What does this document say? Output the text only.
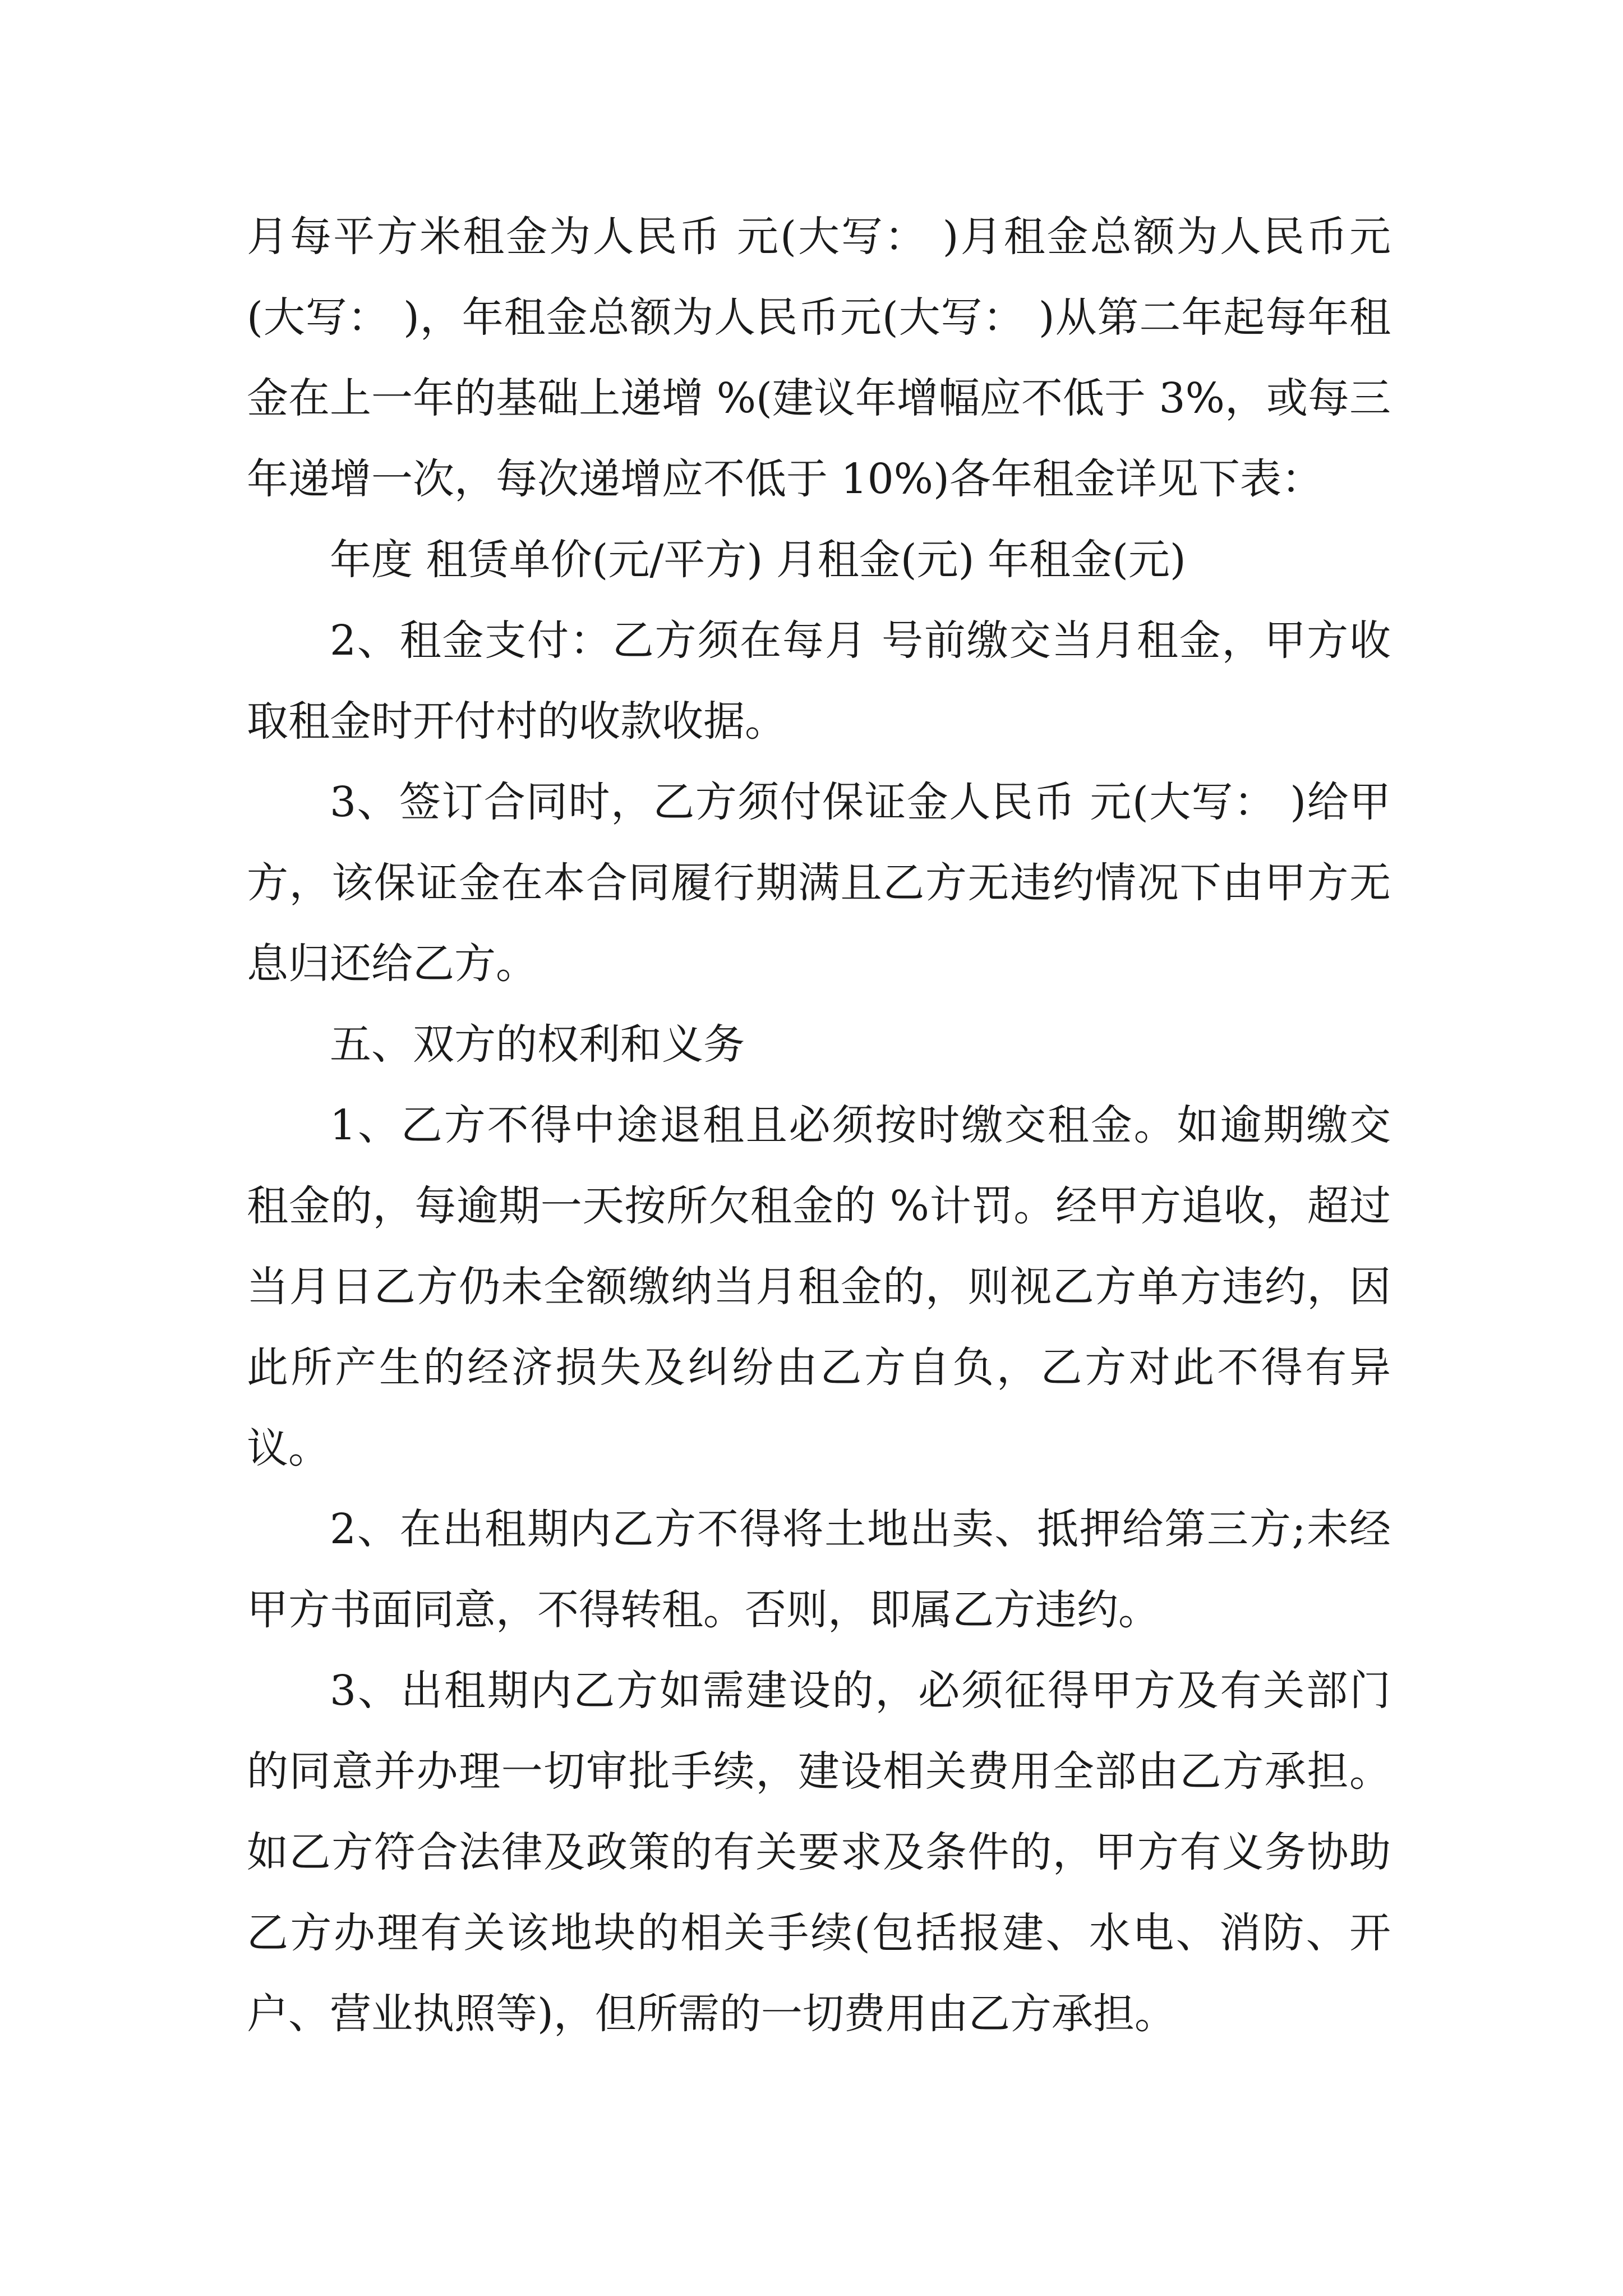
月每平方米租金为人民币 元(大写： )月租金总额为人民币元(大写： )，年租金总额为人民币元(大写： )从第二年起每年租金在上一年的基础上递增 %(建议年增幅应不低于 3%，或每三年递增一次，每次递增应不低于 10%)各年租金详见下表：

年度 租赁单价(元/平方) 月租金(元) 年租金(元)

2、租金支付：乙方须在每月 号前缴交当月租金，甲方收取租金时开付村的收款收据。

3、签订合同时，乙方须付保证金人民币 元(大写： )给甲方，该保证金在本合同履行期满且乙方无违约情况下由甲方无息归还给乙方。

五、双方的权利和义务

1、乙方不得中途退租且必须按时缴交租金。如逾期缴交租金的，每逾期一天按所欠租金的 %计罚。经甲方追收，超过当月日乙方仍未全额缴纳当月租金的，则视乙方单方违约，因此所产生的经济损失及纠纷由乙方自负，乙方对此不得有异议。

2、在出租期内乙方不得将土地出卖、抵押给第三方;未经甲方书面同意，不得转租。否则，即属乙方违约。

3、出租期内乙方如需建设的，必须征得甲方及有关部门的同意并办理一切审批手续，建设相关费用全部由乙方承担。如乙方符合法律及政策的有关要求及条件的，甲方有义务协助乙方办理有关该地块的相关手续(包括报建、水电、消防、开户、营业执照等)，但所需的一切费用由乙方承担。
